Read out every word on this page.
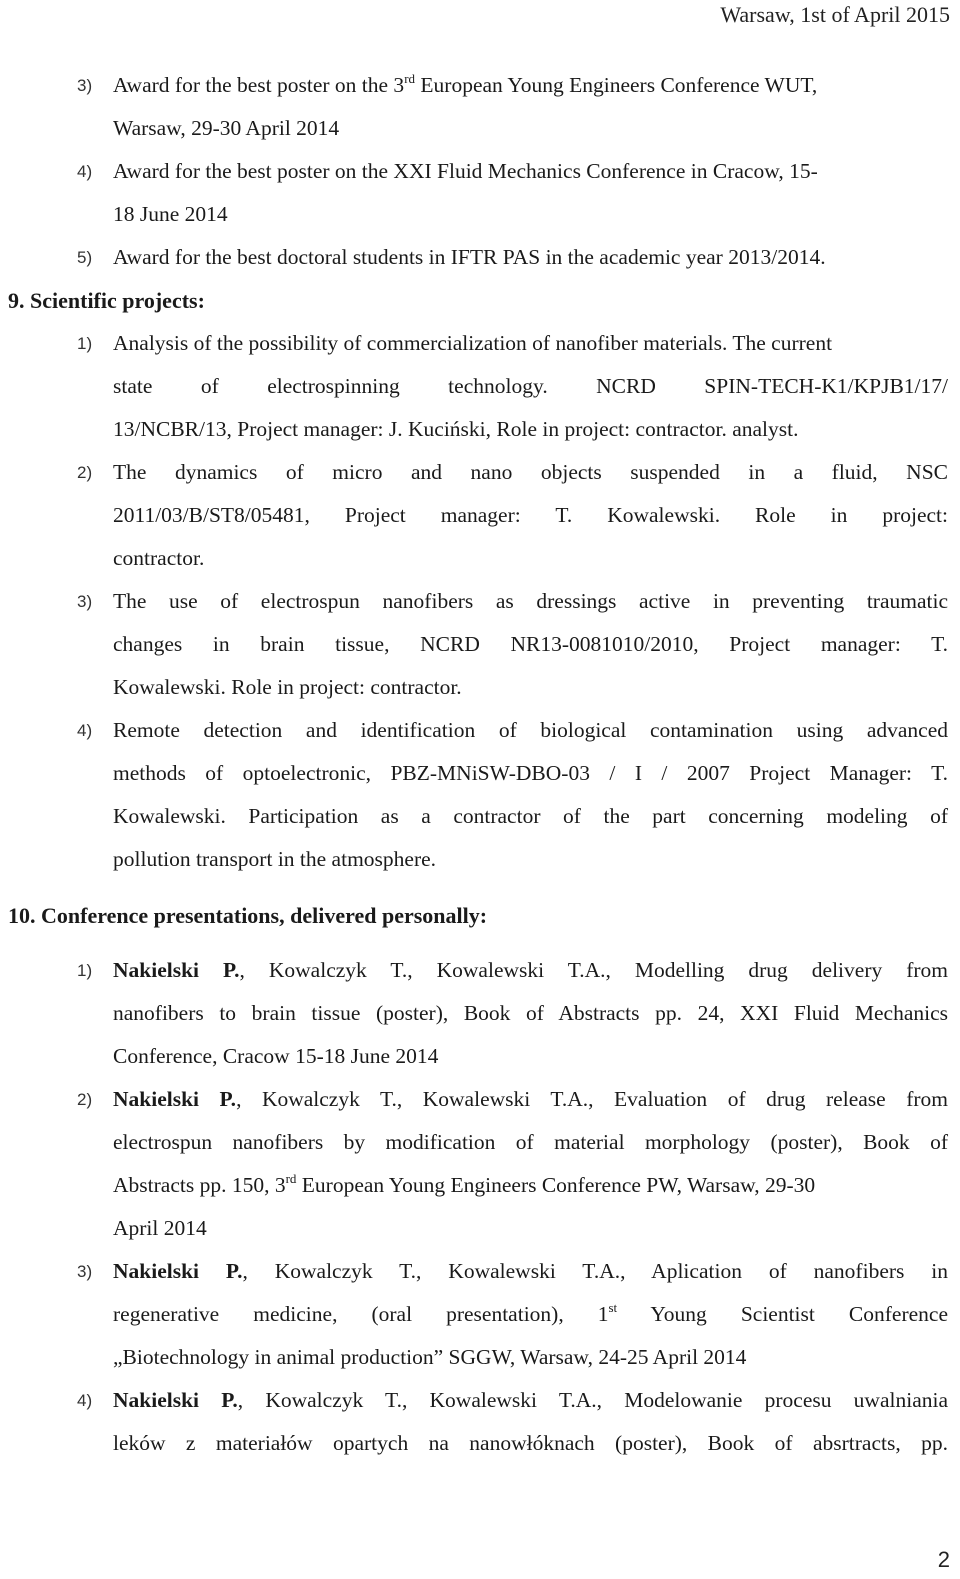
Warsaw, 1st of April 2015
3) Award for the best poster on the 3rd European Young Engineers Conference WUT,
Warsaw, 29-30 April 2014
4) Award for the best poster on the XXI Fluid Mechanics Conference in Cracow, 15-
18 June 2014
5) Award for the best doctoral students in IFTR PAS in the academic year 2013/2014.
9. Scientific projects:
1) Analysis of the possibility of commercialization of nanofiber materials. The current
state of electrospinning technology. NCRD SPIN-TECH-K1/KPJB1/17/
13/NCBR/13, Project manager: J. Kuciński, Role in project: contractor. analyst.
2) The dynamics of micro and nano objects suspended in a fluid, NSC
2011/03/B/ST8/05481, Project manager: T. Kowalewski. Role in project:
contractor.
3) The use of electrospun nanofibers as dressings active in preventing traumatic
changes in brain tissue, NCRD NR13-0081010/2010, Project manager: T.
Kowalewski. Role in project: contractor.
4) Remote detection and identification of biological contamination using advanced
methods of optoelectronic, PBZ-MNiSW-DBO-03 / I / 2007 Project Manager: T.
Kowalewski. Participation as a contractor of the part concerning modeling of
pollution transport in the atmosphere.
10. Conference presentations, delivered personally:
1) Nakielski P., Kowalczyk T., Kowalewski T.A., Modelling drug delivery from
nanofibers to brain tissue (poster), Book of Abstracts pp. 24, XXI Fluid Mechanics
Conference, Cracow 15-18 June 2014
2) Nakielski P., Kowalczyk T., Kowalewski T.A., Evaluation of drug release from
electrospun nanofibers by modification of material morphology (poster), Book of
Abstracts pp. 150, 3rd European Young Engineers Conference PW, Warsaw, 29-30
April 2014
3) Nakielski P., Kowalczyk T., Kowalewski T.A., Aplication of nanofibers in
regenerative medicine, (oral presentation), 1st Young Scientist Conference
„Biotechnology in animal production” SGGW, Warsaw, 24-25 April 2014
4) Nakielski P., Kowalczyk T., Kowalewski T.A., Modelowanie procesu uwalniania
leków z materiałów opartych na nanowłóknach (poster), Book of absrtracts, pp.
2
